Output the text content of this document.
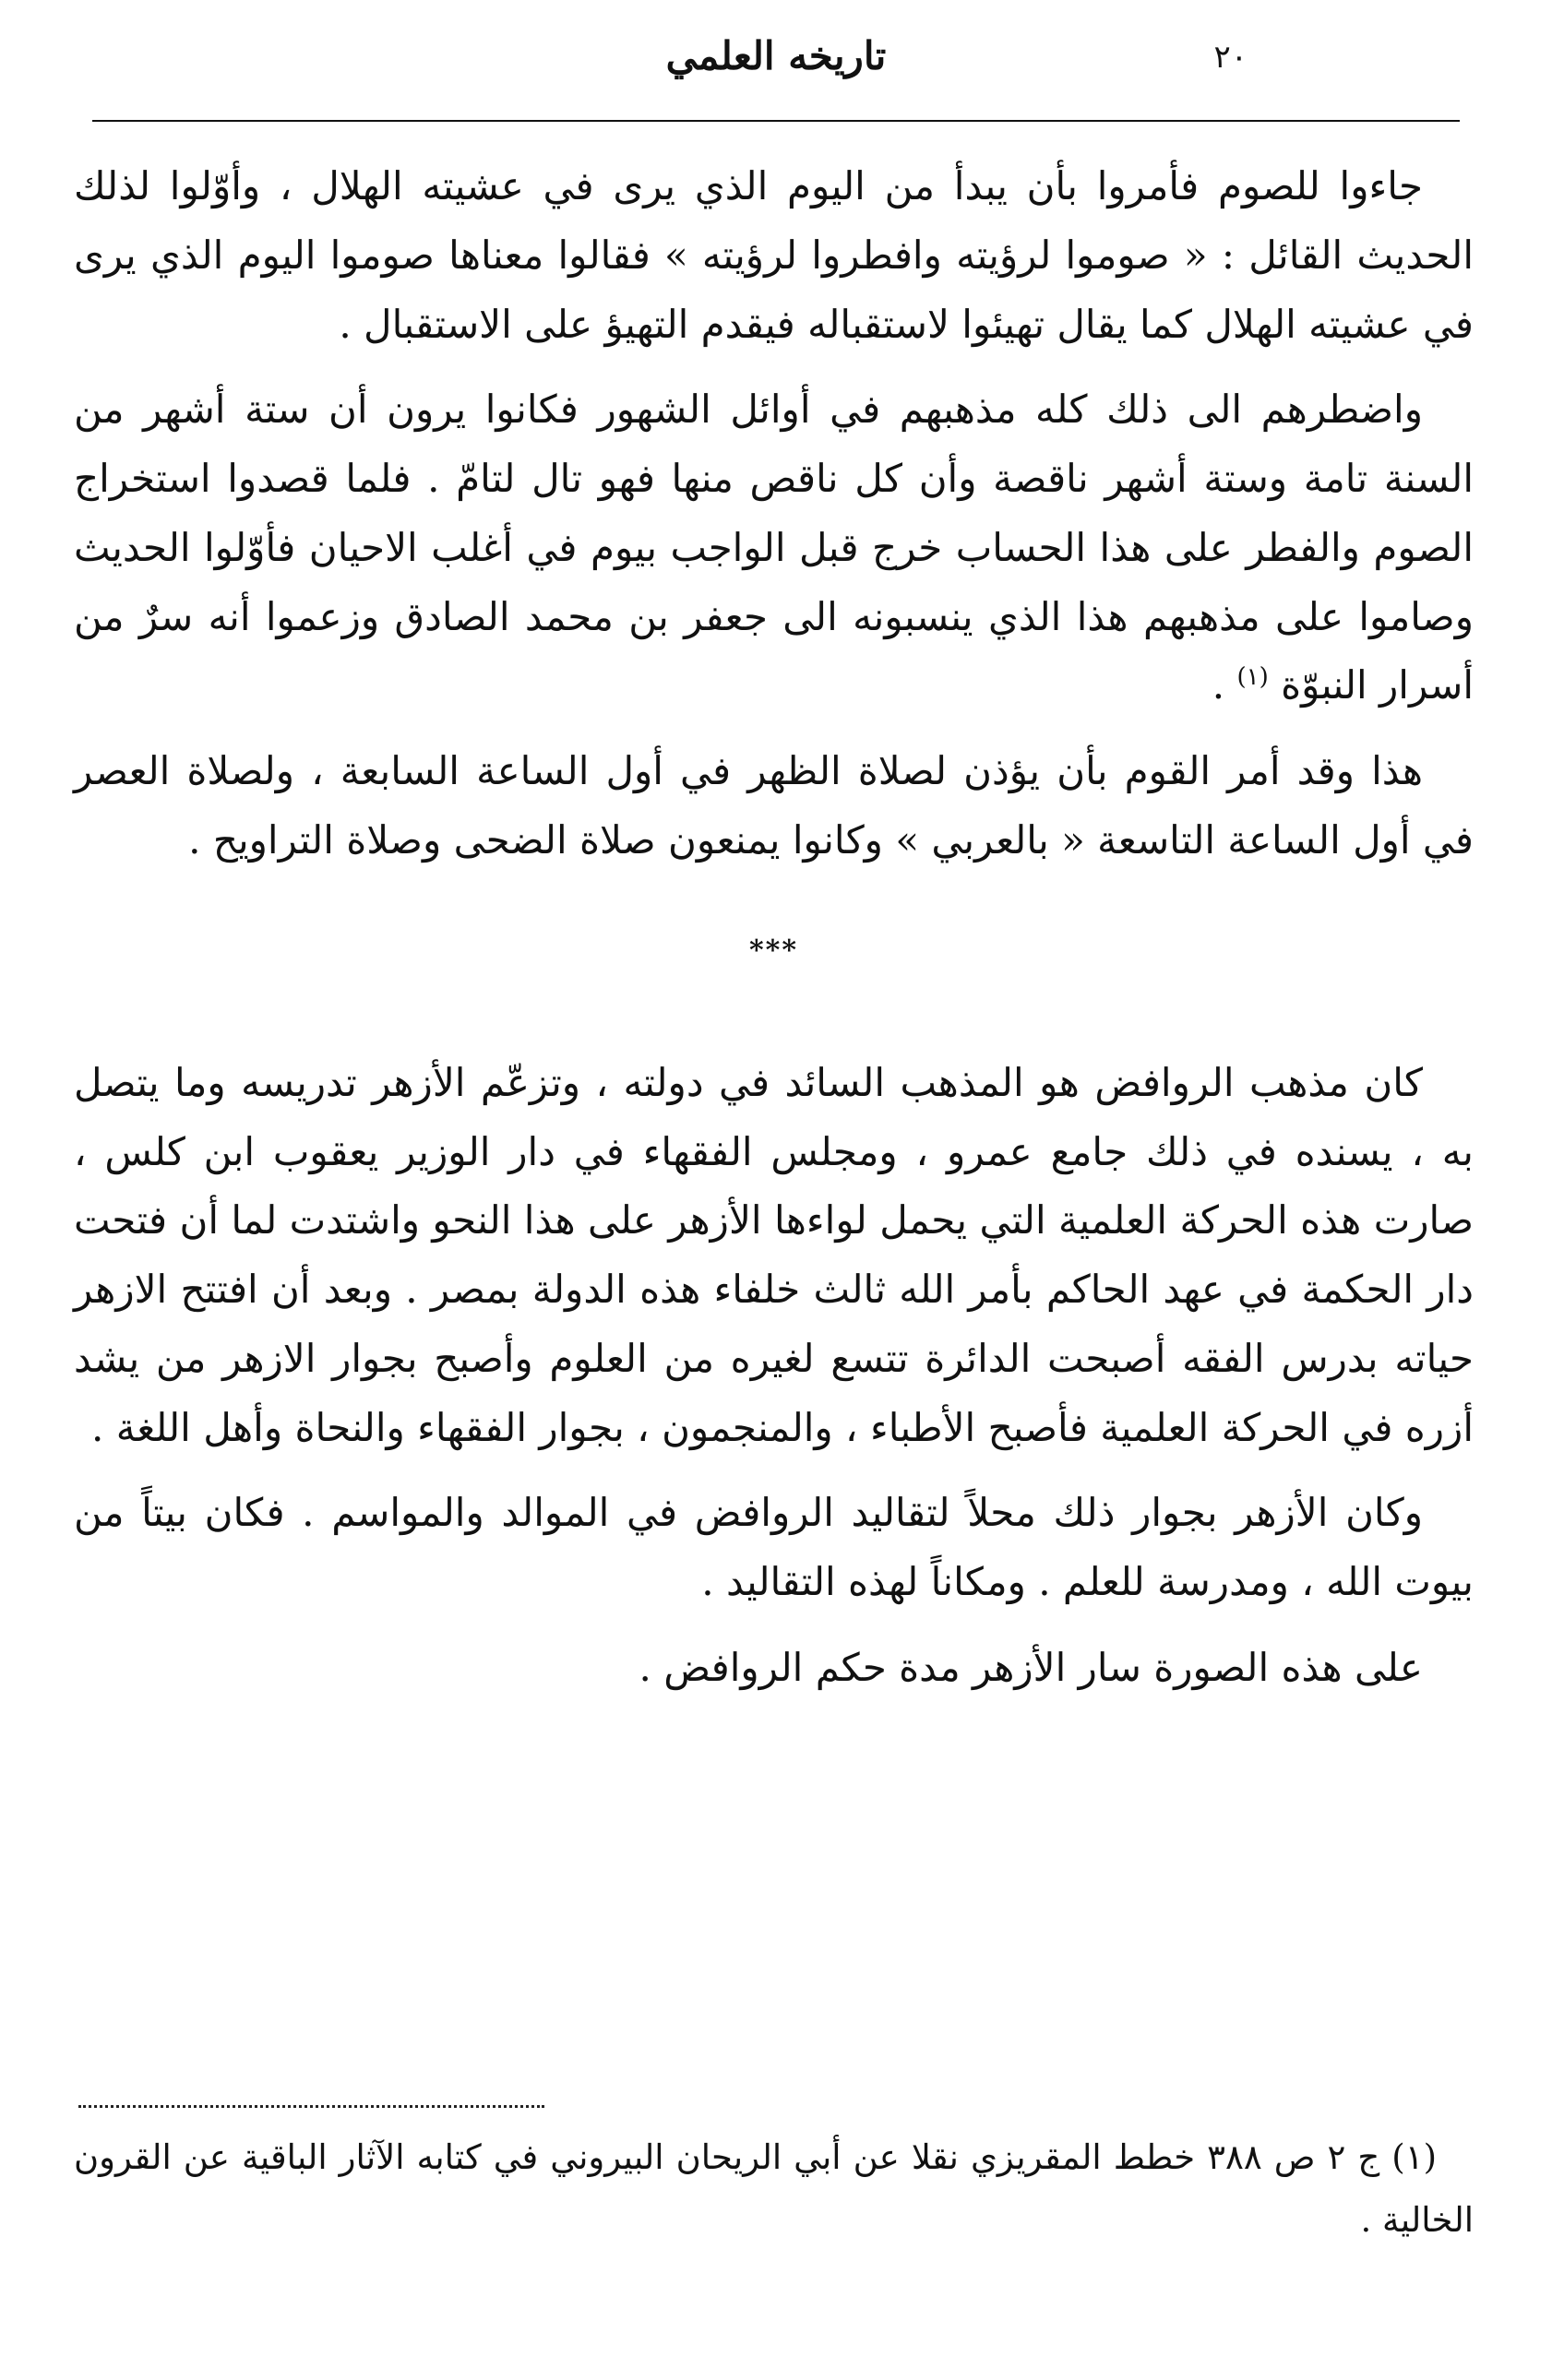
٢٠
تاريخه العلمي

جاءوا للصوم فأمروا بأن يبدأ من اليوم الذي يرى في عشيته الهلال ، وأوّلوا لذلك الحديث القائل : « صوموا لرؤيته وافطروا لرؤيته » فقالوا معناها صوموا اليوم الذي يرى في عشيته الهلال كما يقال تهيئوا لاستقباله فيقدم التهيؤ على الاستقبال .

واضطرهم الى ذلك كله مذهبهم في أوائل الشهور فكانوا يرون أن ستة أشهر من السنة تامة وستة أشهر ناقصة وأن كل ناقص منها فهو تال لتامّ . فلما قصدوا استخراج الصوم والفطر على هذا الحساب خرج قبل الواجب بيوم في أغلب الاحيان فأوّلوا الحديث وصاموا على مذهبهم هذا الذي ينسبونه الى جعفر بن محمد الصادق وزعموا أنه سرٌ من أسرار النبوّة $^{(١)}$ .

هذا وقد أمر القوم بأن يؤذن لصلاة الظهر في أول الساعة السابعة ، ولصلاة العصر في أول الساعة التاسعة « بالعربي » وكانوا يمنعون صلاة الضحى وصلاة التراويح .

***

كان مذهب الروافض هو المذهب السائد في دولته ، وتزعّم الأزهر تدريسه وما يتصل به ، يسنده في ذلك جامع عمرو ، ومجلس الفقهاء في دار الوزير يعقوب ابن كلس ، صارت هذه الحركة العلمية التي يحمل لواءها الأزهر على هذا النحو واشتدت لما أن فتحت دار الحكمة في عهد الحاكم بأمر الله ثالث خلفاء هذه الدولة بمصر . وبعد أن افتتح الازهر حياته بدرس الفقه أصبحت الدائرة تتسع لغيره من العلوم وأصبح بجوار الازهر من يشد أزره في الحركة العلمية فأصبح الأطباء ، والمنجمون ، بجوار الفقهاء والنحاة وأهل اللغة .

وكان الأزهر بجوار ذلك محلاً لتقاليد الروافض في الموالد والمواسم . فكان بيتاً من بيوت الله ، ومدرسة للعلم . ومكاناً لهذه التقاليد .

على هذه الصورة سار الأزهر مدة حكم الروافض .

(١) ج ٢ ص ٣٨٨ خطط المقريزي نقلا عن أبي الريحان البيروني في كتابه الآثار الباقية عن القرون الخالية .
